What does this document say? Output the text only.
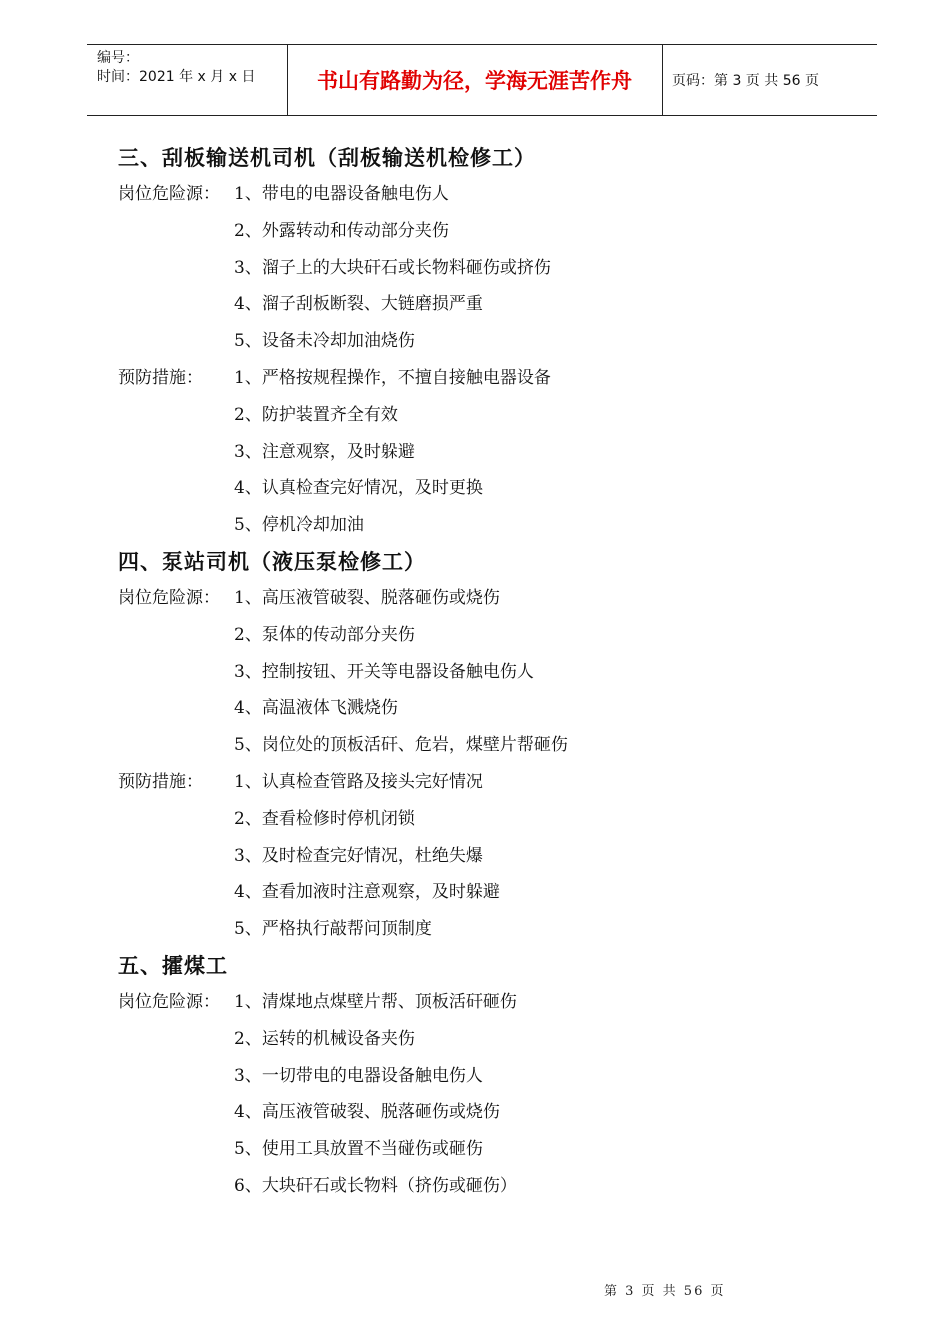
编号：
时间：2021 年 x 月 x 日	书山有路勤为径，学海无涯苦作舟	页码：第 3 页 共 56 页
三、刮板输送机司机（刮板输送机检修工）
岗位危险源： 1、带电的电器设备触电伤人
2、外露转动和传动部分夹伤
3、溜子上的大块矸石或长物料砸伤或挤伤
4、溜子刮板断裂、大链磨损严重
5、设备未冷却加油烧伤
预防措施： 1、严格按规程操作，不擅自接触电器设备
2、防护装置齐全有效
3、注意观察，及时躲避
4、认真检查完好情况，及时更换
5、停机冷却加油
四、泵站司机（液压泵检修工）
岗位危险源： 1、高压液管破裂、脱落砸伤或烧伤
2、泵体的传动部分夹伤
3、控制按钮、开关等电器设备触电伤人
4、高温液体飞溅烧伤
5、岗位处的顶板活矸、危岩，煤壁片帮砸伤
预防措施： 1、认真检查管路及接头完好情况
2、查看检修时停机闭锁
3、及时检查完好情况，杜绝失爆
4、查看加液时注意观察，及时躲避
5、严格执行敲帮问顶制度
五、攉煤工
岗位危险源： 1、清煤地点煤壁片帮、顶板活矸砸伤
2、运转的机械设备夹伤
3、一切带电的电器设备触电伤人
4、高压液管破裂、脱落砸伤或烧伤
5、使用工具放置不当碰伤或砸伤
6、大块矸石或长物料（挤伤或砸伤）
第 3 页 共 56 页
